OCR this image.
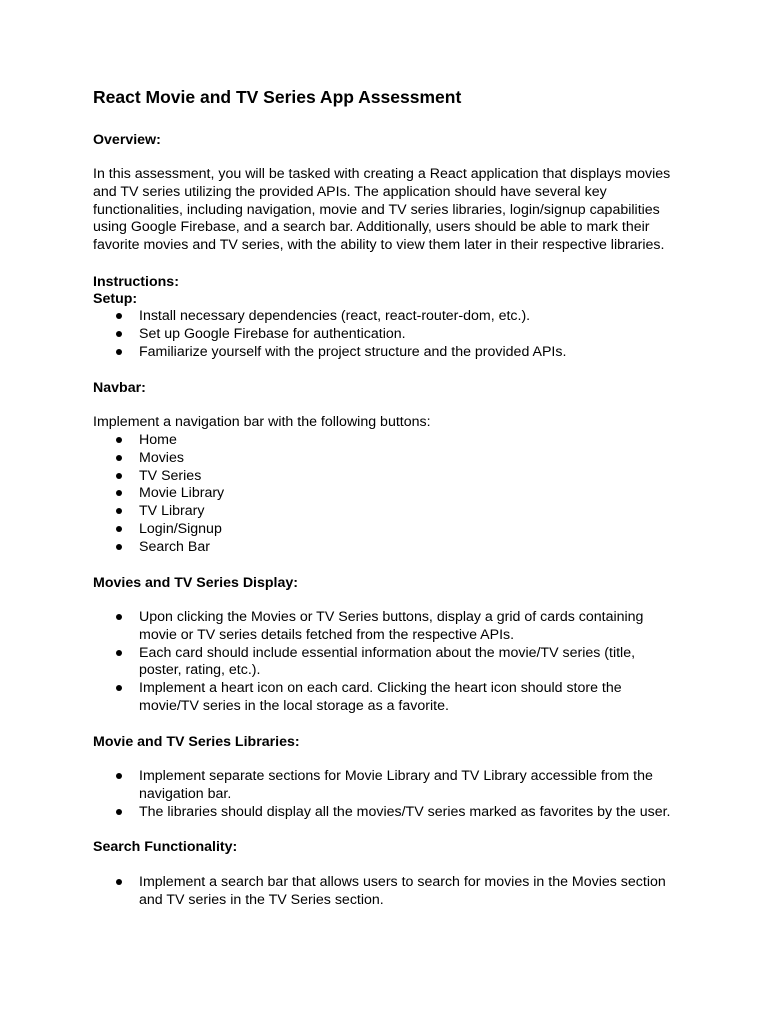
React Movie and TV Series App Assessment
Overview:

In this assessment, you will be tasked with creating a React application that displays movies
and TV series utilizing the provided APIs. The application should have several key
functionalities, including navigation, movie and TV series libraries, login/signup capabilities
using Google Firebase, and a search bar. Additionally, users should be able to mark their
favorite movies and TV series, with the ability to view them later in their respective libraries.

Instructions:
Setup:
Install necessary dependencies (react, react-router-dom, etc.).
Set up Google Firebase for authentication.
Familiarize yourself with the project structure and the provided APIs.
Navbar:

Implement a navigation bar with the following buttons:

Home
Movies
TV Series
Movie Library
TV Library
Login/Signup
Search Bar
Movies and TV Series Display:
Upon clicking the Movies or TV Series buttons, display a grid of cards containing
movie or TV series details fetched from the respective APIs.
Each card should include essential information about the movie/TV series (title,
poster, rating, etc.).
Implement a heart icon on each card. Clicking the heart icon should store the
movie/TV series in the local storage as a favorite.
Movie and TV Series Libraries:
Implement separate sections for Movie Library and TV Library accessible from the
navigation bar.
The libraries should display all the movies/TV series marked as favorites by the user.
Search Functionality:
Implement a search bar that allows users to search for movies in the Movies section
and TV series in the TV Series section.
